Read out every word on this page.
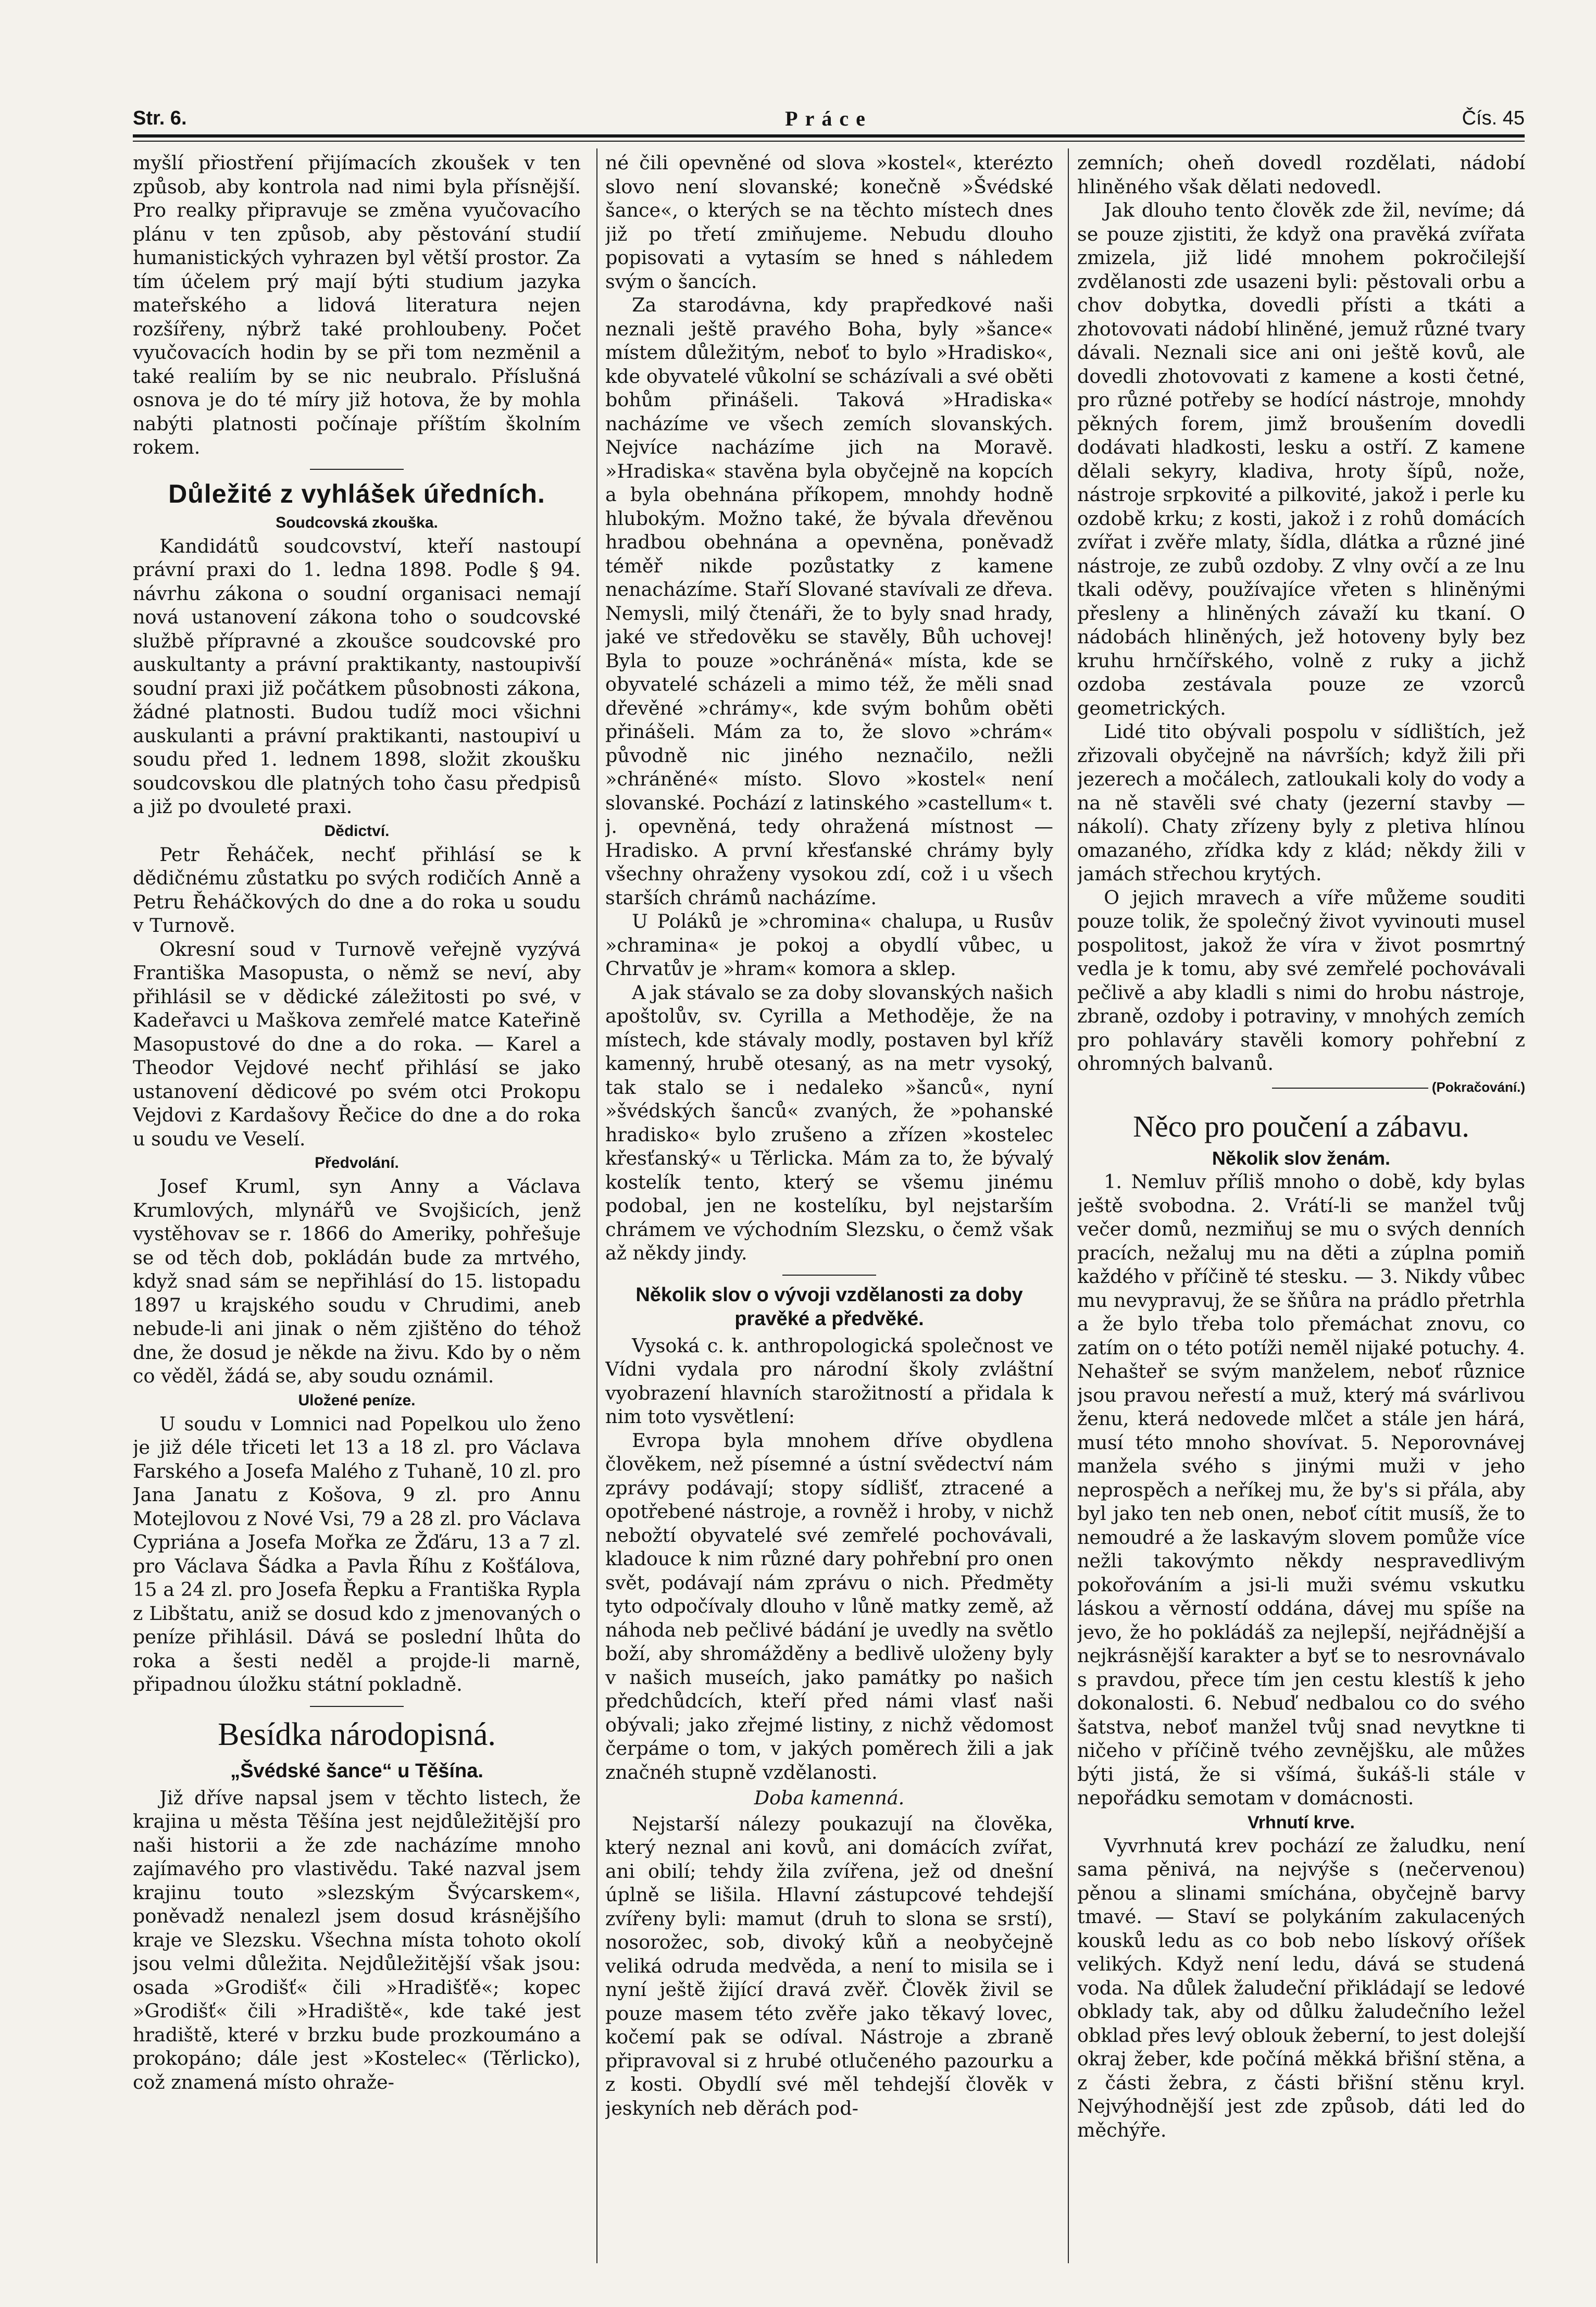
Str. 6.	Práce	Čís. 45

myšlí přiostření přijímacích zkoušek v ten způsob, aby kontrola nad nimi byla přísnější. Pro realky připravuje se změna vyučovacího plánu v ten způsob, aby pěstování studií humanistických vyhrazen byl větší prostor. Za tím účelem prý mají býti studium jazyka mateřského a lidová literatura nejen rozšířeny, nýbrž také prohloubeny. Počet vyučovacích hodin by se při tom nezměnil a také realiím by se nic neubralo. Příslušná osnova je do té míry již hotova, že by mohla nabýti platnosti počínaje příštím školním rokem.

Důležité z vyhlášek úředních.
Soudcovská zkouška.

Kandidátů soudcovství, kteří nastoupí právní praxi do 1. ledna 1898. Podle § 94. návrhu zákona o soudní organisaci nemají nová ustanovení zákona toho o soudcovské službě přípravné a zkoušce soudcovské pro auskultanty a právní praktikanty, nastoupivší soudní praxi již počátkem působnosti zákona, žádné platnosti. Budou tudíž moci všichni auskulanti a právní praktikanti, nastoupiví u soudu před 1. lednem 1898, složit zkoušku soudcovskou dle platných toho času předpisů a již po dvouleté praxi.

Dědictví.

Petr Řeháček, nechť přihlásí se k dědičnému zůstatku po svých rodičích Anně a Petru Řeháčkových do dne a do roka u soudu v Turnově.

Okresní soud v Turnově veřejně vyzývá Františka Masopusta, o němž se neví, aby přihlásil se v dědické záležitosti po své, v Kadeřavci u Maškova zemřelé matce Kateřině Masopustové do dne a do roka. — Karel a Theodor Vejdové nechť přihlásí se jako ustanovení dědicové po svém otci Prokopu Vejdovi z Kardašovy Řečice do dne a do roka u soudu ve Veselí.

Předvolání.

Josef Kruml, syn Anny a Václava Krumlových, mlynářů ve Svojšicích, jenž vystěhovav se r. 1866 do Ameriky, pohřešuje se od těch dob, pokládán bude za mrtvého, když snad sám se nepřihlásí do 15. listopadu 1897 u krajského soudu v Chrudimi, aneb nebude-li ani jinak o něm zjištěno do téhož dne, že dosud je někde na živu. Kdo by o něm co věděl, žádá se, aby soudu oznámil.

Uložené peníze.

U soudu v Lomnici nad Popelkou ulo ženo je již déle třiceti let 13 a 18 zl. pro Václava Farského a Josefa Malého z Tuhaně, 10 zl. pro Jana Janatu z Košova, 9 zl. pro Annu Motejlovou z Nové Vsi, 79 a 28 zl. pro Václava Cypriána a Josefa Mořka ze Žďáru, 13 a 7 zl. pro Václava Šádka a Pavla Říhu z Košťálova, 15 a 24 zl. pro Josefa Řepku a Františka Rypla z Libštatu, aniž se dosud kdo z jmenovaných o peníze přihlásil. Dává se poslední lhůta do roka a šesti neděl a projde-li marně, připadnou úložku státní pokladně.

Besídka národopisná.
„Švédské šance“ u Těšína.

Již dříve napsal jsem v těchto listech, že krajina u města Těšína jest nejdůležitější pro naši historii a že zde nacházíme mnoho zajímavého pro vlastivědu. Také nazval jsem krajinu touto »slezským Švýcarskem«, poněvadž nenalezl jsem dosud krásnějšího kraje ve Slezsku. Všechna místa tohoto okolí jsou velmi důležita. Nejdůležitější však jsou: osada »Grodišť« čili »Hradišťě«; kopec »Grodišť« čili »Hradiště«, kde také jest hradiště, které v brzku bude prozkoumáno a prokopáno; dále jest »Kostelec« (Těrlicko), což znamená místo ohraže-

né čili opevněné od slova »kostel«, kterézto slovo není slovanské; konečně »Švédské šance«, o kterých se na těchto místech dnes již po třetí zmiňujeme. Nebudu dlouho popisovati a vytasím se hned s náhledem svým o šancích.

Za starodávna, kdy prapředkové naši neznali ještě pravého Boha, byly »šance« místem důležitým, neboť to bylo »Hradisko«, kde obyvatelé vůkolní se scházívali a své oběti bohům přinášeli. Taková »Hradiska« nacházíme ve všech zemích slovanských. Nejvíce nacházíme jich na Moravě. »Hradiska« stavěna byla obyčejně na kopcích a byla obehnána příkopem, mnohdy hodně hlubokým. Možno také, že bývala dřevěnou hradbou obehnána a opevněna, poněvadž téměř nikde pozůstatky z kamene nenacházíme. Staří Slované stavívali ze dřeva. Nemysli, milý čtenáři, že to byly snad hrady, jaké ve středověku se stavěly, Bůh uchovej! Byla to pouze »ochráněná« místa, kde se obyvatelé scházeli a mimo též, že měli snad dřevěné »chrámy«, kde svým bohům oběti přinášeli. Mám za to, že slovo »chrám« původně nic jiného neznačilo, nežli »chráněné« místo. Slovo »kostel« není slovanské. Pochází z latinského »castellum« t. j. opevněná, tedy ohražená místnost — Hradisko. A první křesťanské chrámy byly všechny ohraženy vysokou zdí, což i u všech starších chrámů nacházíme.

U Poláků je »chromina« chalupa, u Rusův »chramina« je pokoj a obydlí vůbec, u Chrvatův je »hram« komora a sklep.

A jak stávalo se za doby slovanských našich apoštolův, sv. Cyrilla a Methoděje, že na místech, kde stávaly modly, postaven byl kříž kamenný, hrubě otesaný, as na metr vysoký, tak stalo se i nedaleko »šanců«, nyní »švédských šanců« zvaných, že »pohanské hradisko« bylo zrušeno a zřízen »kostelec křesťanský« u Těrlicka. Mám za to, že bývalý kostelík tento, který se všemu jinému podobal, jen ne kostelíku, byl nejstarším chrámem ve východním Slezsku, o čemž však až někdy jindy.

Několik slov o vývoji vzdělanosti za doby pravěké a předvěké.

Vysoká c. k. anthropologická společnost ve Vídni vydala pro národní školy zvláštní vyobrazení hlavních starožitností a přidala k nim toto vysvětlení:

Evropa byla mnohem dříve obydlena člověkem, než písemné a ústní svědectví nám zprávy podávají; stopy sídlišť, ztracené a opotřebené nástroje, a rovněž i hroby, v nichž nebožtí obyvatelé své zemřelé pochovávali, kladouce k nim různé dary pohřební pro onen svět, podávají nám zprávu o nich. Předměty tyto odpočívaly dlouho v lůně matky země, až náhoda neb pečlivé bádání je uvedly na světlo boží, aby shromážděny a bedlivě uloženy byly v našich museích, jako památky po našich předchůdcích, kteří před námi vlasť naši obývali; jako zřejmé listiny, z nichž vědomost čerpáme o tom, v jakých poměrech žili a jak značnéh stupně vzdělanosti.

Doba kamenná.

Nejstarší nálezy poukazují na člověka, který neznal ani kovů, ani domácích zvířat, ani obilí; tehdy žila zvířena, jež od dnešní úplně se lišila. Hlavní zástupcové tehdejší zvířeny byli: mamut (druh to slona se srstí), nosorožec, sob, divoký kůň a neobyčejně veliká odruda medvěda, a není to misila se i nyní ještě žijící dravá zvěř. Člověk živil se pouze masem této zvěře jako těkavý lovec, kočemí pak se odíval. Nástroje a zbraně připravoval si z hrubé otlučeného pazourku a z kosti. Obydlí své měl tehdejší člověk v jeskyních neb děrách pod-

zemních; oheň dovedl rozdělati, nádobí hliněného však dělati nedovedl.

Jak dlouho tento člověk zde žil, nevíme; dá se pouze zjistiti, že když ona pravěká zvířata zmizela, již lidé mnohem pokročilejší zvdělanosti zde usazeni byli: pěstovali orbu a chov dobytka, dovedli přísti a tkáti a zhotovovati nádobí hliněné, jemuž různé tvary dávali. Neznali sice ani oni ještě kovů, ale dovedli zhotovovati z kamene a kosti četné, pro různé potřeby se hodící nástroje, mnohdy pěkných forem, jimž broušením dovedli dodávati hladkosti, lesku a ostří. Z kamene dělali sekyry, kladiva, hroty šípů, nože, nástroje srpkovité a pilkovité, jakož i perle ku ozdobě krku; z kosti, jakož i z rohů domácích zvířat i zvěře mlaty, šídla, dlátka a různé jiné nástroje, ze zubů ozdoby. Z vlny ovčí a ze lnu tkali oděvy, používajíce vřeten s hliněnými přesleny a hliněných závaží ku tkaní. O nádobách hliněných, jež hotoveny byly bez kruhu hrnčířského, volně z ruky a jichž ozdoba zestávala pouze ze vzorců geometrických.

Lidé tito obývali pospolu v sídlištích, jež zřizovali obyčejně na návrších; když žili při jezerech a močálech, zatloukali koly do vody a na ně stavěli své chaty (jezerní stavby — nákolí). Chaty zřízeny byly z pletiva hlínou omazaného, zřídka kdy z klád; někdy žili v jamách střechou krytých.

O jejich mravech a víře můžeme souditi pouze tolik, že společný život vyvinouti musel pospolitost, jakož že víra v život posmrtný vedla je k tomu, aby své zemřelé pochovávali pečlivě a aby kladli s nimi do hrobu nástroje, zbraně, ozdoby i potraviny, v mnohých zemích pro pohlaváry stavěli komory pohřební z ohromných balvanů.

(Pokračování.)
Něco pro poučení a zábavu.
Několik slov ženám.

1. Nemluv příliš mnoho o době, kdy bylas ještě svobodna. 2. Vrátí-li se manžel tvůj večer domů, nezmiňuj se mu o svých denních pracích, nežaluj mu na děti a zúplna pomiň každého v příčině té stesku. — 3. Nikdy vůbec mu nevypravuj, že se šňůra na prádlo přetrhla a že bylo třeba tolo přemáchat znovu, co zatím on o této potíži neměl nijaké potuchy. 4. Nehašteř se svým manželem, neboť různice jsou pravou neřestí a muž, který má svárlivou ženu, která nedovede mlčet a stále jen hárá, musí této mnoho shovívat. 5. Neporovnávej manžela svého s jinými muži v jeho neprospěch a neříkej mu, že by's si přála, aby byl jako ten neb onen, neboť cítit musíš, že to nemoudré a že laskavým slovem pomůže více nežli takovýmto někdy nespravedlivým pokořováním a jsi-li muži svému vskutku láskou a věrností oddána, dávej mu spíše na jevo, že ho pokládáš za nejlepší, nejřádnější a nejkrásnější karakter a byť se to nesrovnávalo s pravdou, přece tím jen cestu klestíš k jeho dokonalosti. 6. Nebuď nedbalou co do svého šatstva, neboť manžel tvůj snad nevytkne ti ničeho v příčině tvého zevnějšku, ale můžes býti jistá, že si všímá, šukáš-li stále v nepořádku semotam v domácnosti.

Vrhnutí krve.

Vyvrhnutá krev pochází ze žaludku, není sama pěnivá, na nejvýše s (nečervenou) pěnou a slinami smíchána, obyčejně barvy tmavé. — Staví se polykáním zakulacených kousků ledu as co bob nebo lískový oříšek velikých. Když není ledu, dává se studená voda. Na důlek žaludeční přikládají se ledové obklady tak, aby od důlku žaludečního ležel obklad přes levý oblouk žeberní, to jest dolejší okraj žeber, kde počíná měkká břišní stěna, a z části žebra, z části břišní stěnu kryl. Nejvýhodnější jest zde způsob, dáti led do měchýře.
